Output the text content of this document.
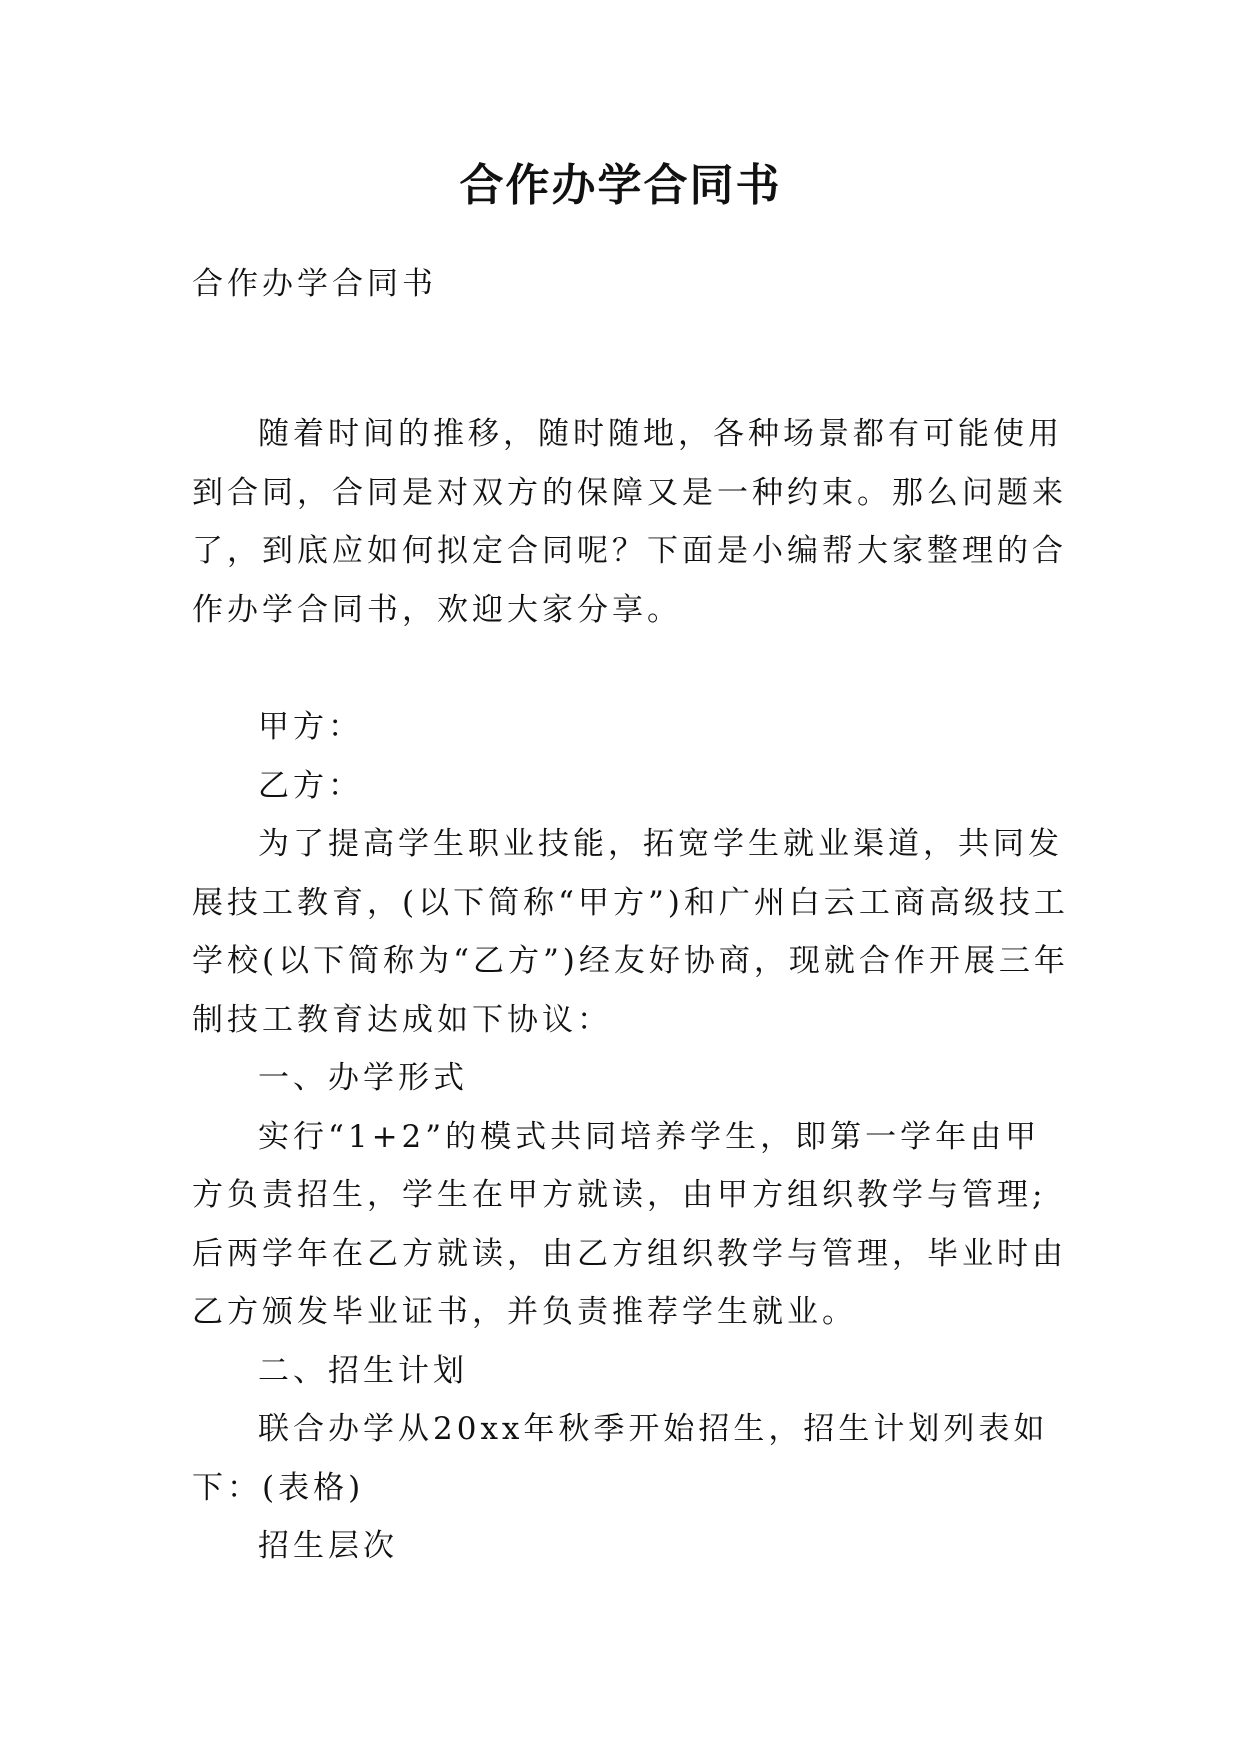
合作办学合同书

合作办学合同书

随着时间的推移，随时随地，各种场景都有可能使用到合同，合同是对双方的保障又是一种约束。那么问题来了，到底应如何拟定合同呢？下面是小编帮大家整理的合作办学合同书，欢迎大家分享。

甲方：

乙方：

为了提高学生职业技能，拓宽学生就业渠道，共同发展技工教育，(以下简称“甲方”)和广州白云工商高级技工学校(以下简称为“乙方”)经友好协商，现就合作开展三年制技工教育达成如下协议：

一、办学形式

实行“1+2”的模式共同培养学生，即第一学年由甲方负责招生，学生在甲方就读，由甲方组织教学与管理;后两学年在乙方就读，由乙方组织教学与管理，毕业时由乙方颁发毕业证书，并负责推荐学生就业。

二、招生计划

联合办学从20xx年秋季开始招生，招生计划列表如下：(表格)

招生层次
